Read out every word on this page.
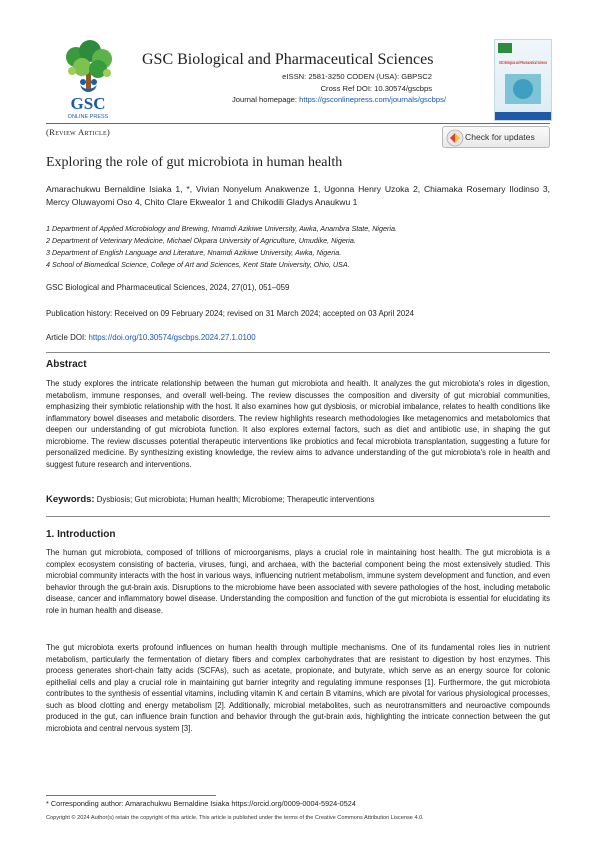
GSC
ONLINE PRESS
GSC Biological and Pharmaceutical Sciences
eISSN: 2581-3250 CODEN (USA): GBPSC2
Cross Ref DOI: 10.30574/gscbps
Journal homepage: https://gsconlinepress.com/journals/gscbps/
GSC Biological and Pharmaceutical Sciences
(Review Article)	Check for updates
Exploring the role of gut microbiota in human health
Amarachukwu Bernaldine Isiaka 1, *, Vivian Nonyelum Anakwenze 1, Ugonna Henry Uzoka 2, Chiamaka Rosemary Ilodinso 3, Mercy Oluwayomi Oso 4, Chito Clare Ekwealor 1 and Chikodili Gladys Anaukwu 1
1 Department of Applied Microbiology and Brewing, Nnamdi Azikiwe University, Awka, Anambra State, Nigeria.
2 Department of Veterinary Medicine, Michael Okpara University of Agriculture, Umudike, Nigeria.
3 Department of English Language and Literature, Nnamdi Azikiwe University, Awka, Nigeria.
4 School of Biomedical Science, College of Art and Sciences, Kent State University, Ohio, USA.
GSC Biological and Pharmaceutical Sciences, 2024, 27(01), 051–059
Publication history: Received on 09 February 2024; revised on 31 March 2024; accepted on 03 April 2024
Article DOI: https://doi.org/10.30574/gscbps.2024.27.1.0100
Abstract
The study explores the intricate relationship between the human gut microbiota and health. It analyzes the gut microbiota's roles in digestion, metabolism, immune responses, and overall well-being. The review discusses the composition and diversity of gut microbial communities, emphasizing their symbiotic relationship with the host. It also examines how gut dysbiosis, or microbial imbalance, relates to health conditions like inflammatory bowel diseases and metabolic disorders. The review highlights research methodologies like metagenomics and metabolomics that deepen our understanding of gut microbiota function. It also explores external factors, such as diet and antibiotic use, in shaping the gut microbiome. The review discusses potential therapeutic interventions like probiotics and fecal microbiota transplantation, suggesting a future for personalized medicine. By synthesizing existing knowledge, the review aims to advance understanding of the gut microbiota's role in health and suggest future research and interventions.
Keywords: Dysbiosis; Gut microbiota; Human health; Microbiome; Therapeutic interventions
1. Introduction
The human gut microbiota, composed of trillions of microorganisms, plays a crucial role in maintaining host health. The gut microbiota is a complex ecosystem consisting of bacteria, viruses, fungi, and archaea, with the bacterial component being the most extensively studied. This microbial community interacts with the host in various ways, influencing nutrient metabolism, immune system development and function, and even behavior through the gut-brain axis. Disruptions to the microbiome have been associated with severe pathologies of the host, including metabolic disease, cancer and inflammatory bowel disease. Understanding the composition and function of the gut microbiota is essential for elucidating its role in human health and disease.
The gut microbiota exerts profound influences on human health through multiple mechanisms. One of its fundamental roles lies in nutrient metabolism, particularly the fermentation of dietary fibers and complex carbohydrates that are resistant to digestion by host enzymes. This process generates short-chain fatty acids (SCFAs), such as acetate, propionate, and butyrate, which serve as an energy source for colonic epithelial cells and play a crucial role in maintaining gut barrier integrity and regulating immune responses [1]. Furthermore, the gut microbiota contributes to the synthesis of essential vitamins, including vitamin K and certain B vitamins, which are pivotal for various physiological processes, such as blood clotting and energy metabolism [2]. Additionally, microbial metabolites, such as neurotransmitters and neuroactive compounds produced in the gut, can influence brain function and behavior through the gut-brain axis, highlighting the intricate connection between the gut microbiota and central nervous system [3].
* Corresponding author: Amarachukwu Bernaldine Isiaka https://orcid.org/0009-0004-5924-0524
Copyright © 2024 Author(s) retain the copyright of this article. This article is published under the terms of the Creative Commons Attribution Liscense 4.0.
